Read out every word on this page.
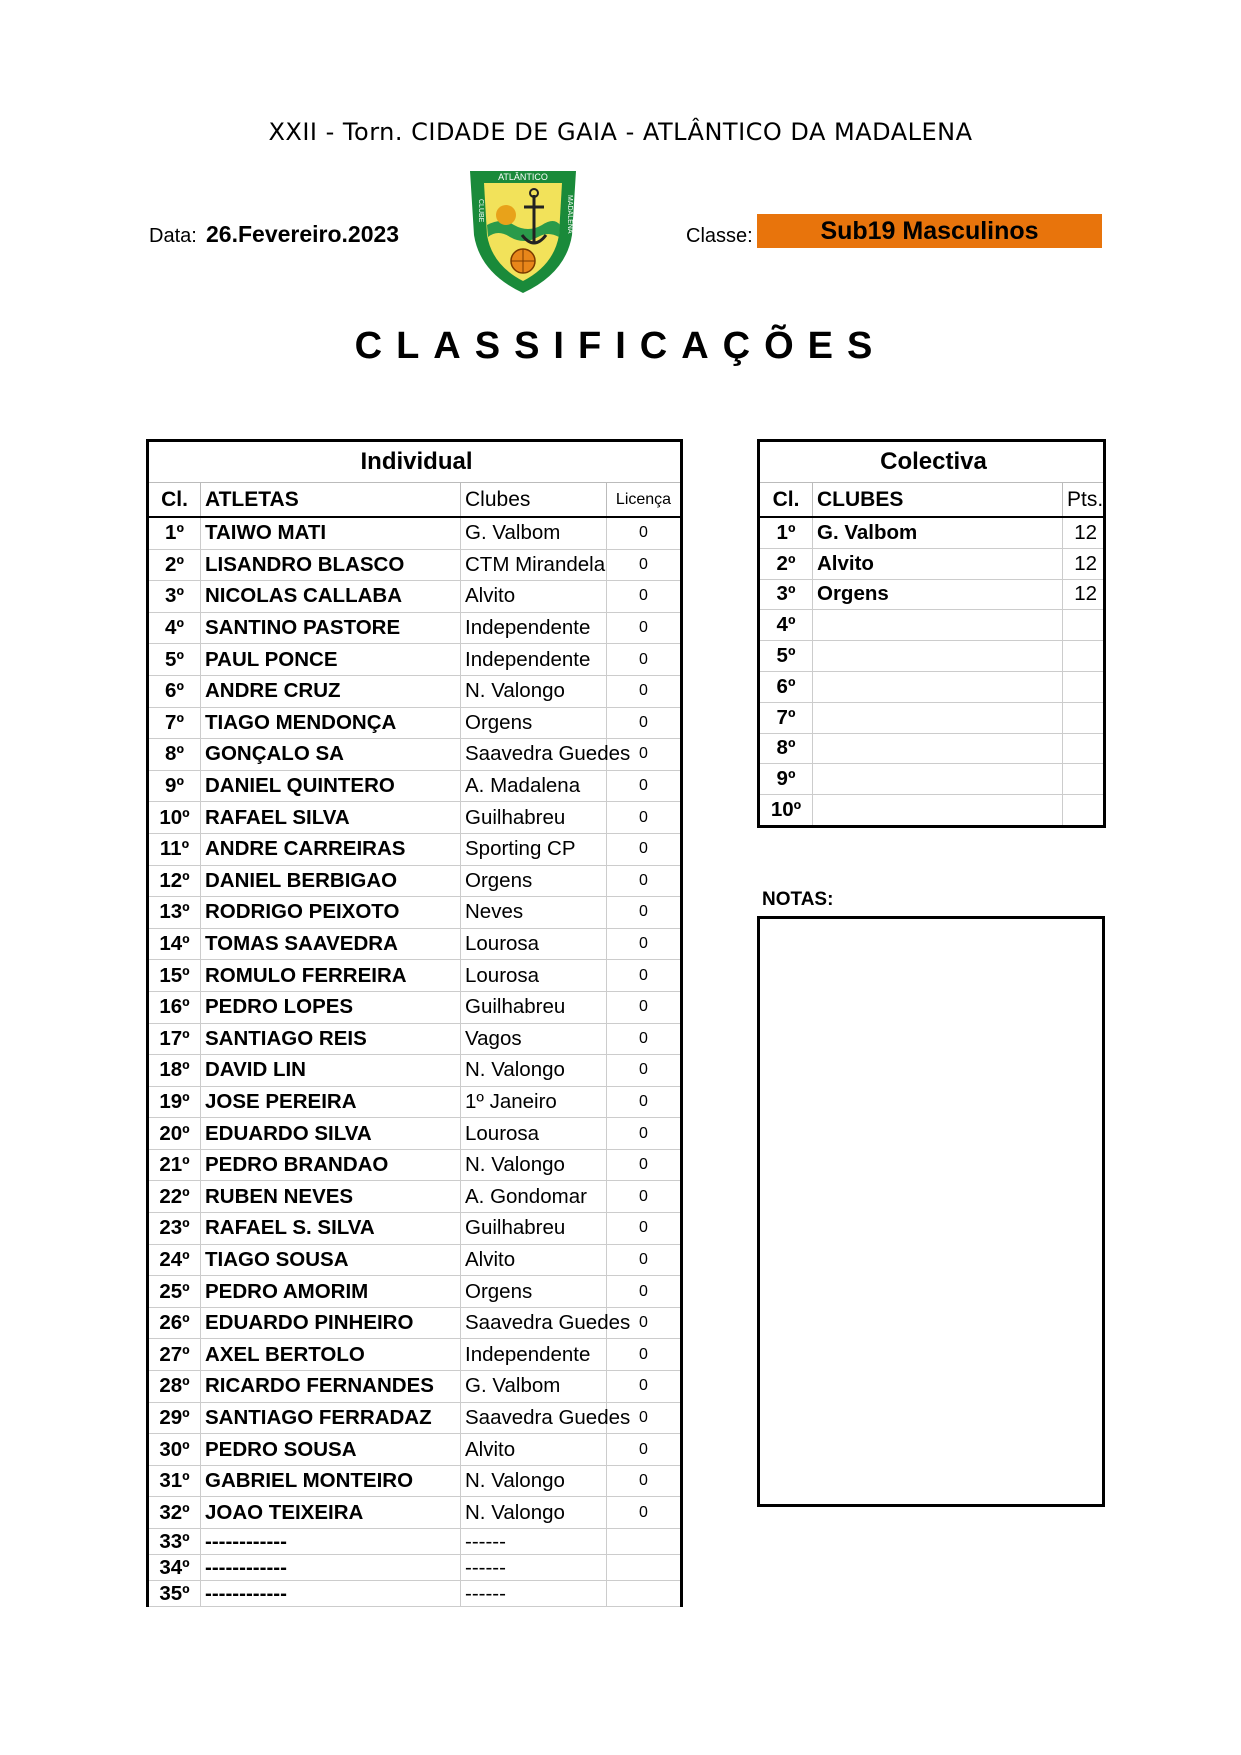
XXII - Torn. CIDADE DE GAIA - ATLÂNTICO DA MADALENA
Data: 26.Fevereiro.2023
ATLÂNTICO
CLUBE	MADALENA
Classe:	Sub19 Masculinos
CLASSIFICAÇÕES
Individual			
Cl.	ATLETAS	Clubes	Licença
1º	TAIWO MATI	G. Valbom	0
2º	LISANDRO BLASCO	CTM Mirandela	0
3º	NICOLAS CALLABA	Alvito	0
4º	SANTINO PASTORE	Independente	0
5º	PAUL PONCE	Independente	0
6º	ANDRE CRUZ	N. Valongo	0
7º	TIAGO MENDONÇA	Orgens	0
8º	GONÇALO SA	Saavedra Guedes	0
9º	DANIEL QUINTERO	A. Madalena	0
10º	RAFAEL SILVA	Guilhabreu	0
11º	ANDRE CARREIRAS	Sporting CP	0
12º	DANIEL BERBIGAO	Orgens	0
13º	RODRIGO PEIXOTO	Neves	0
14º	TOMAS SAAVEDRA	Lourosa	0
15º	ROMULO FERREIRA	Lourosa	0
16º	PEDRO LOPES	Guilhabreu	0
17º	SANTIAGO REIS	Vagos	0
18º	DAVID LIN	N. Valongo	0
19º	JOSE PEREIRA	1º Janeiro	0
20º	EDUARDO SILVA	Lourosa	0
21º	PEDRO BRANDAO	N. Valongo	0
22º	RUBEN NEVES	A. Gondomar	0
23º	RAFAEL S. SILVA	Guilhabreu	0
24º	TIAGO SOUSA	Alvito	0
25º	PEDRO AMORIM	Orgens	0
26º	EDUARDO PINHEIRO	Saavedra Guedes	0
27º	AXEL BERTOLO	Independente	0
28º	RICARDO FERNANDES	G. Valbom	0
29º	SANTIAGO FERRADAZ	Saavedra Guedes	0
30º	PEDRO SOUSA	Alvito	0
31º	GABRIEL MONTEIRO	N. Valongo	0
32º	JOAO TEIXEIRA	N. Valongo	0
33º	------------	------	
34º	------------	------	
35º	------------	------	
Colectiva		
Cl.	CLUBES	Pts.
1º	G. Valbom	12
2º	Alvito	12
3º	Orgens	12
4º		
5º		
6º		
7º		
8º		
9º		
10º		
NOTAS:
